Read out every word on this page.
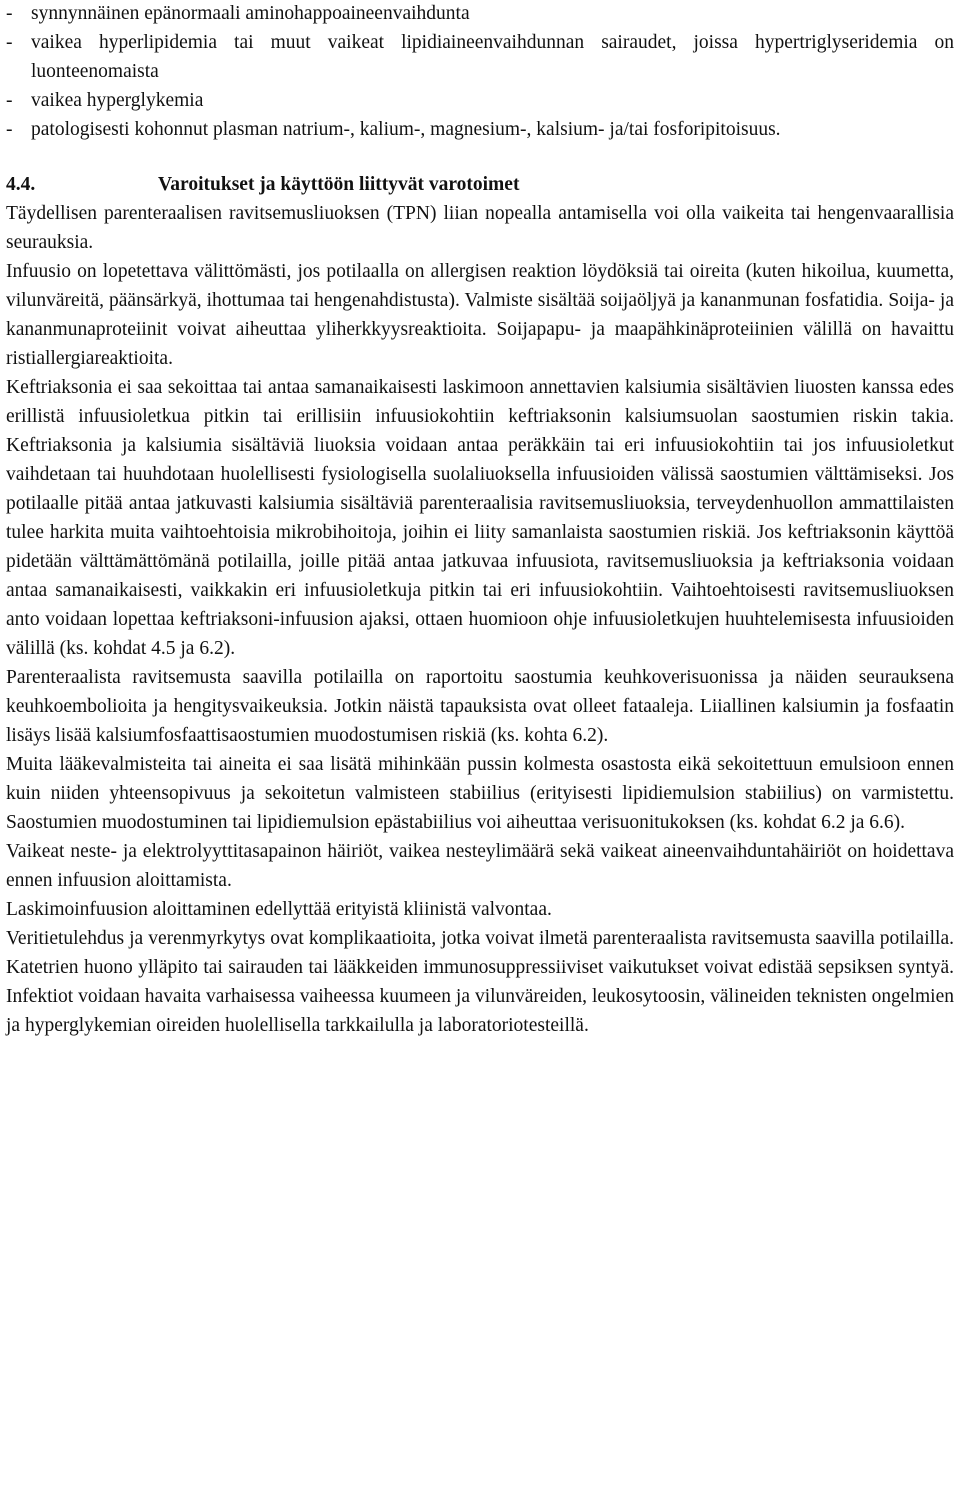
- synnynnäinen epänormaali aminohappoaineenvaihdunta
- vaikea hyperlipidemia tai muut vaikeat lipidiaineenvaihdunnan sairaudet, joissa hypertriglyseridemia on luonteenomaista
- vaikea hyperglykemia
- patologisesti kohonnut plasman natrium-, kalium-, magnesium-, kalsium- ja/tai fosforipitoisuus.
4.4.	Varoitukset ja käyttöön liittyvät varotoimet

Täydellisen parenteraalisen ravitsemusliuoksen (TPN) liian nopealla antamisella voi olla vaikeita tai hengenvaarallisia seurauksia.

Infuusio on lopetettava välittömästi, jos potilaalla on allergisen reaktion löydöksiä tai oireita (kuten hikoilua, kuumetta, vilunväreitä, päänsärkyä, ihottumaa tai hengenahdistusta). Valmiste sisältää soijaöljyä ja kananmunan fosfatidia. Soija- ja kananmunaproteiinit voivat aiheuttaa yliherkkyysreaktioita. Soijapapu- ja maapähkinäproteiinien välillä on havaittu ristiallergiareaktioita.

Keftriaksonia ei saa sekoittaa tai antaa samanaikaisesti laskimoon annettavien kalsiumia sisältävien liuosten kanssa edes erillistä infuusioletkua pitkin tai erillisiin infuusiokohtiin keftriaksonin kalsiumsuolan saostumien riskin takia. Keftriaksonia ja kalsiumia sisältäviä liuoksia voidaan antaa peräkkäin tai eri infuusiokohtiin tai jos infuusioletkut vaihdetaan tai huuhdotaan huolellisesti fysiologisella suolaliuoksella infuusioiden välissä saostumien välttämiseksi. Jos potilaalle pitää antaa jatkuvasti kalsiumia sisältäviä parenteraalisia ravitsemusliuoksia, terveydenhuollon ammattilaisten tulee harkita muita vaihtoehtoisia mikrobihoitoja, joihin ei liity samanlaista saostumien riskiä. Jos keftriaksonin käyttöä pidetään välttämättömänä potilailla, joille pitää antaa jatkuvaa infuusiota, ravitsemusliuoksia ja keftriaksonia voidaan antaa samanaikaisesti, vaikkakin eri infuusioletkuja pitkin tai eri infuusiokohtiin. Vaihtoehtoisesti ravitsemusliuoksen anto voidaan lopettaa keftriaksoni-infuusion ajaksi, ottaen huomioon ohje infuusioletkujen huuhtelemisesta infuusioiden välillä (ks. kohdat 4.5 ja 6.2).

Parenteraalista ravitsemusta saavilla potilailla on raportoitu saostumia keuhkoverisuonissa ja näiden seurauksena keuhkoembolioita ja hengitysvaikeuksia. Jotkin näistä tapauksista ovat olleet fataaleja. Liiallinen kalsiumin ja fosfaatin lisäys lisää kalsiumfosfaattisaostumien muodostumisen riskiä (ks. kohta 6.2).

Muita lääkevalmisteita tai aineita ei saa lisätä mihinkään pussin kolmesta osastosta eikä sekoitettuun emulsioon ennen kuin niiden yhteensopivuus ja sekoitetun valmisteen stabiilius (erityisesti lipidiemulsion stabiilius) on varmistettu. Saostumien muodostuminen tai lipidiemulsion epästabiilius voi aiheuttaa verisuonitukoksen (ks. kohdat 6.2 ja 6.6).

Vaikeat neste- ja elektrolyyttitasapainon häiriöt, vaikea nesteylimäärä sekä vaikeat aineenvaihduntahäiriöt on hoidettava ennen infuusion aloittamista.

Laskimoinfuusion aloittaminen edellyttää erityistä kliinistä valvontaa.

Veritietulehdus ja verenmyrkytys ovat komplikaatioita, jotka voivat ilmetä parenteraalista ravitsemusta saavilla potilailla. Katetrien huono ylläpito tai sairauden tai lääkkeiden immunosuppressiiviset vaikutukset voivat edistää sepsiksen syntyä. Infektiot voidaan havaita varhaisessa vaiheessa kuumeen ja vilunväreiden, leukosytoosin, välineiden teknisten ongelmien ja hyperglykemian oireiden huolellisella tarkkailulla ja laboratoriotesteillä.
